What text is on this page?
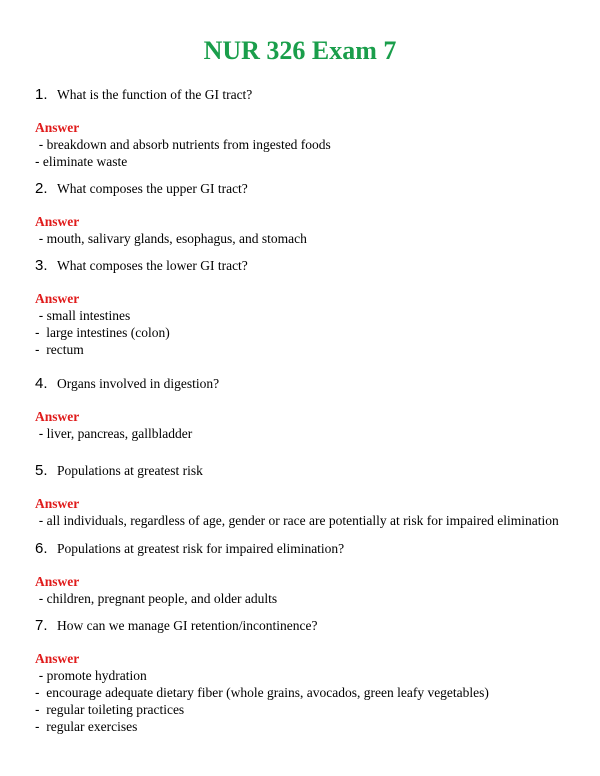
NUR 326 Exam 7
1. What is the function of the GI tract?
Answer
- breakdown and absorb nutrients from ingested foods
- eliminate waste
2. What composes the upper GI tract?
Answer
- mouth, salivary glands, esophagus, and stomach
3. What composes the lower GI tract?
Answer
- small intestines
-  large intestines (colon)
-  rectum
4. Organs involved in digestion?
Answer
- liver, pancreas, gallbladder
5. Populations at greatest risk
Answer
- all individuals, regardless of age, gender or race are potentially at risk for impaired elimination
6. Populations at greatest risk for impaired elimination?
Answer
- children, pregnant people, and older adults
7. How can we manage GI retention/incontinence?
Answer
- promote hydration
-  encourage adequate dietary fiber (whole grains, avocados, green leafy vegetables)
-  regular toileting practices
-  regular exercises
